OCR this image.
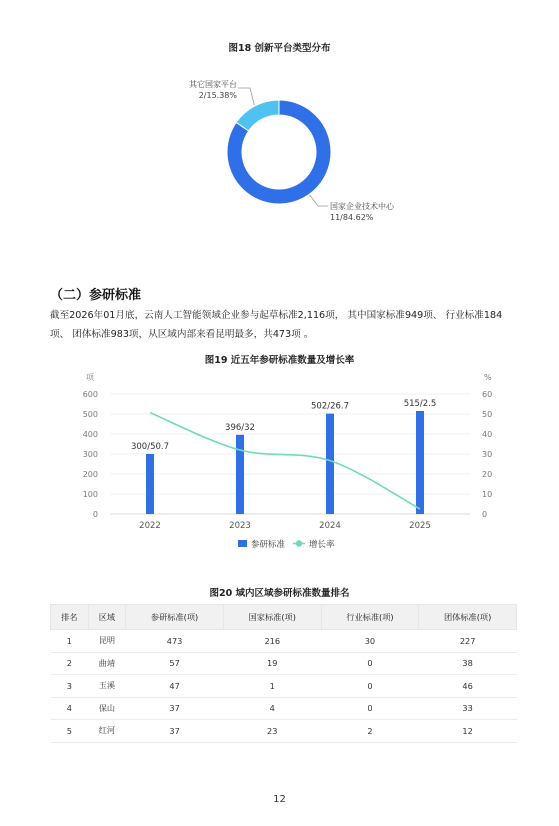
图18 创新平台类型分布
其它国家平台
2/15.38%
国家企业技术中心
11/84.62%
（二）参研标准
截至2026年01月底，云南人工智能领域企业参与起草标准2,116项， 其中国家标准949项、 行业标准184项、 团体标准983项，从区域内部来看昆明最多，共473项 。
图19 近五年参研标准数量及增长率
项	%
0	0
100	10
200	20
300	30
400	40
500	50
600	60
300/50.7
2022
396/32
2023
502/26.7
2024
515/2.5
2025
参研标准	增长率
图20 域内区域参研标准数量排名
排名	区域	参研标准(项)	国家标准(项)	行业标准(项)	团体标准(项)
1	昆明	473	216	30	227
2	曲靖	57	19	0	38
3	玉溪	47	1	0	46
4	保山	37	4	0	33
5	红河	37	23	2	12
12
